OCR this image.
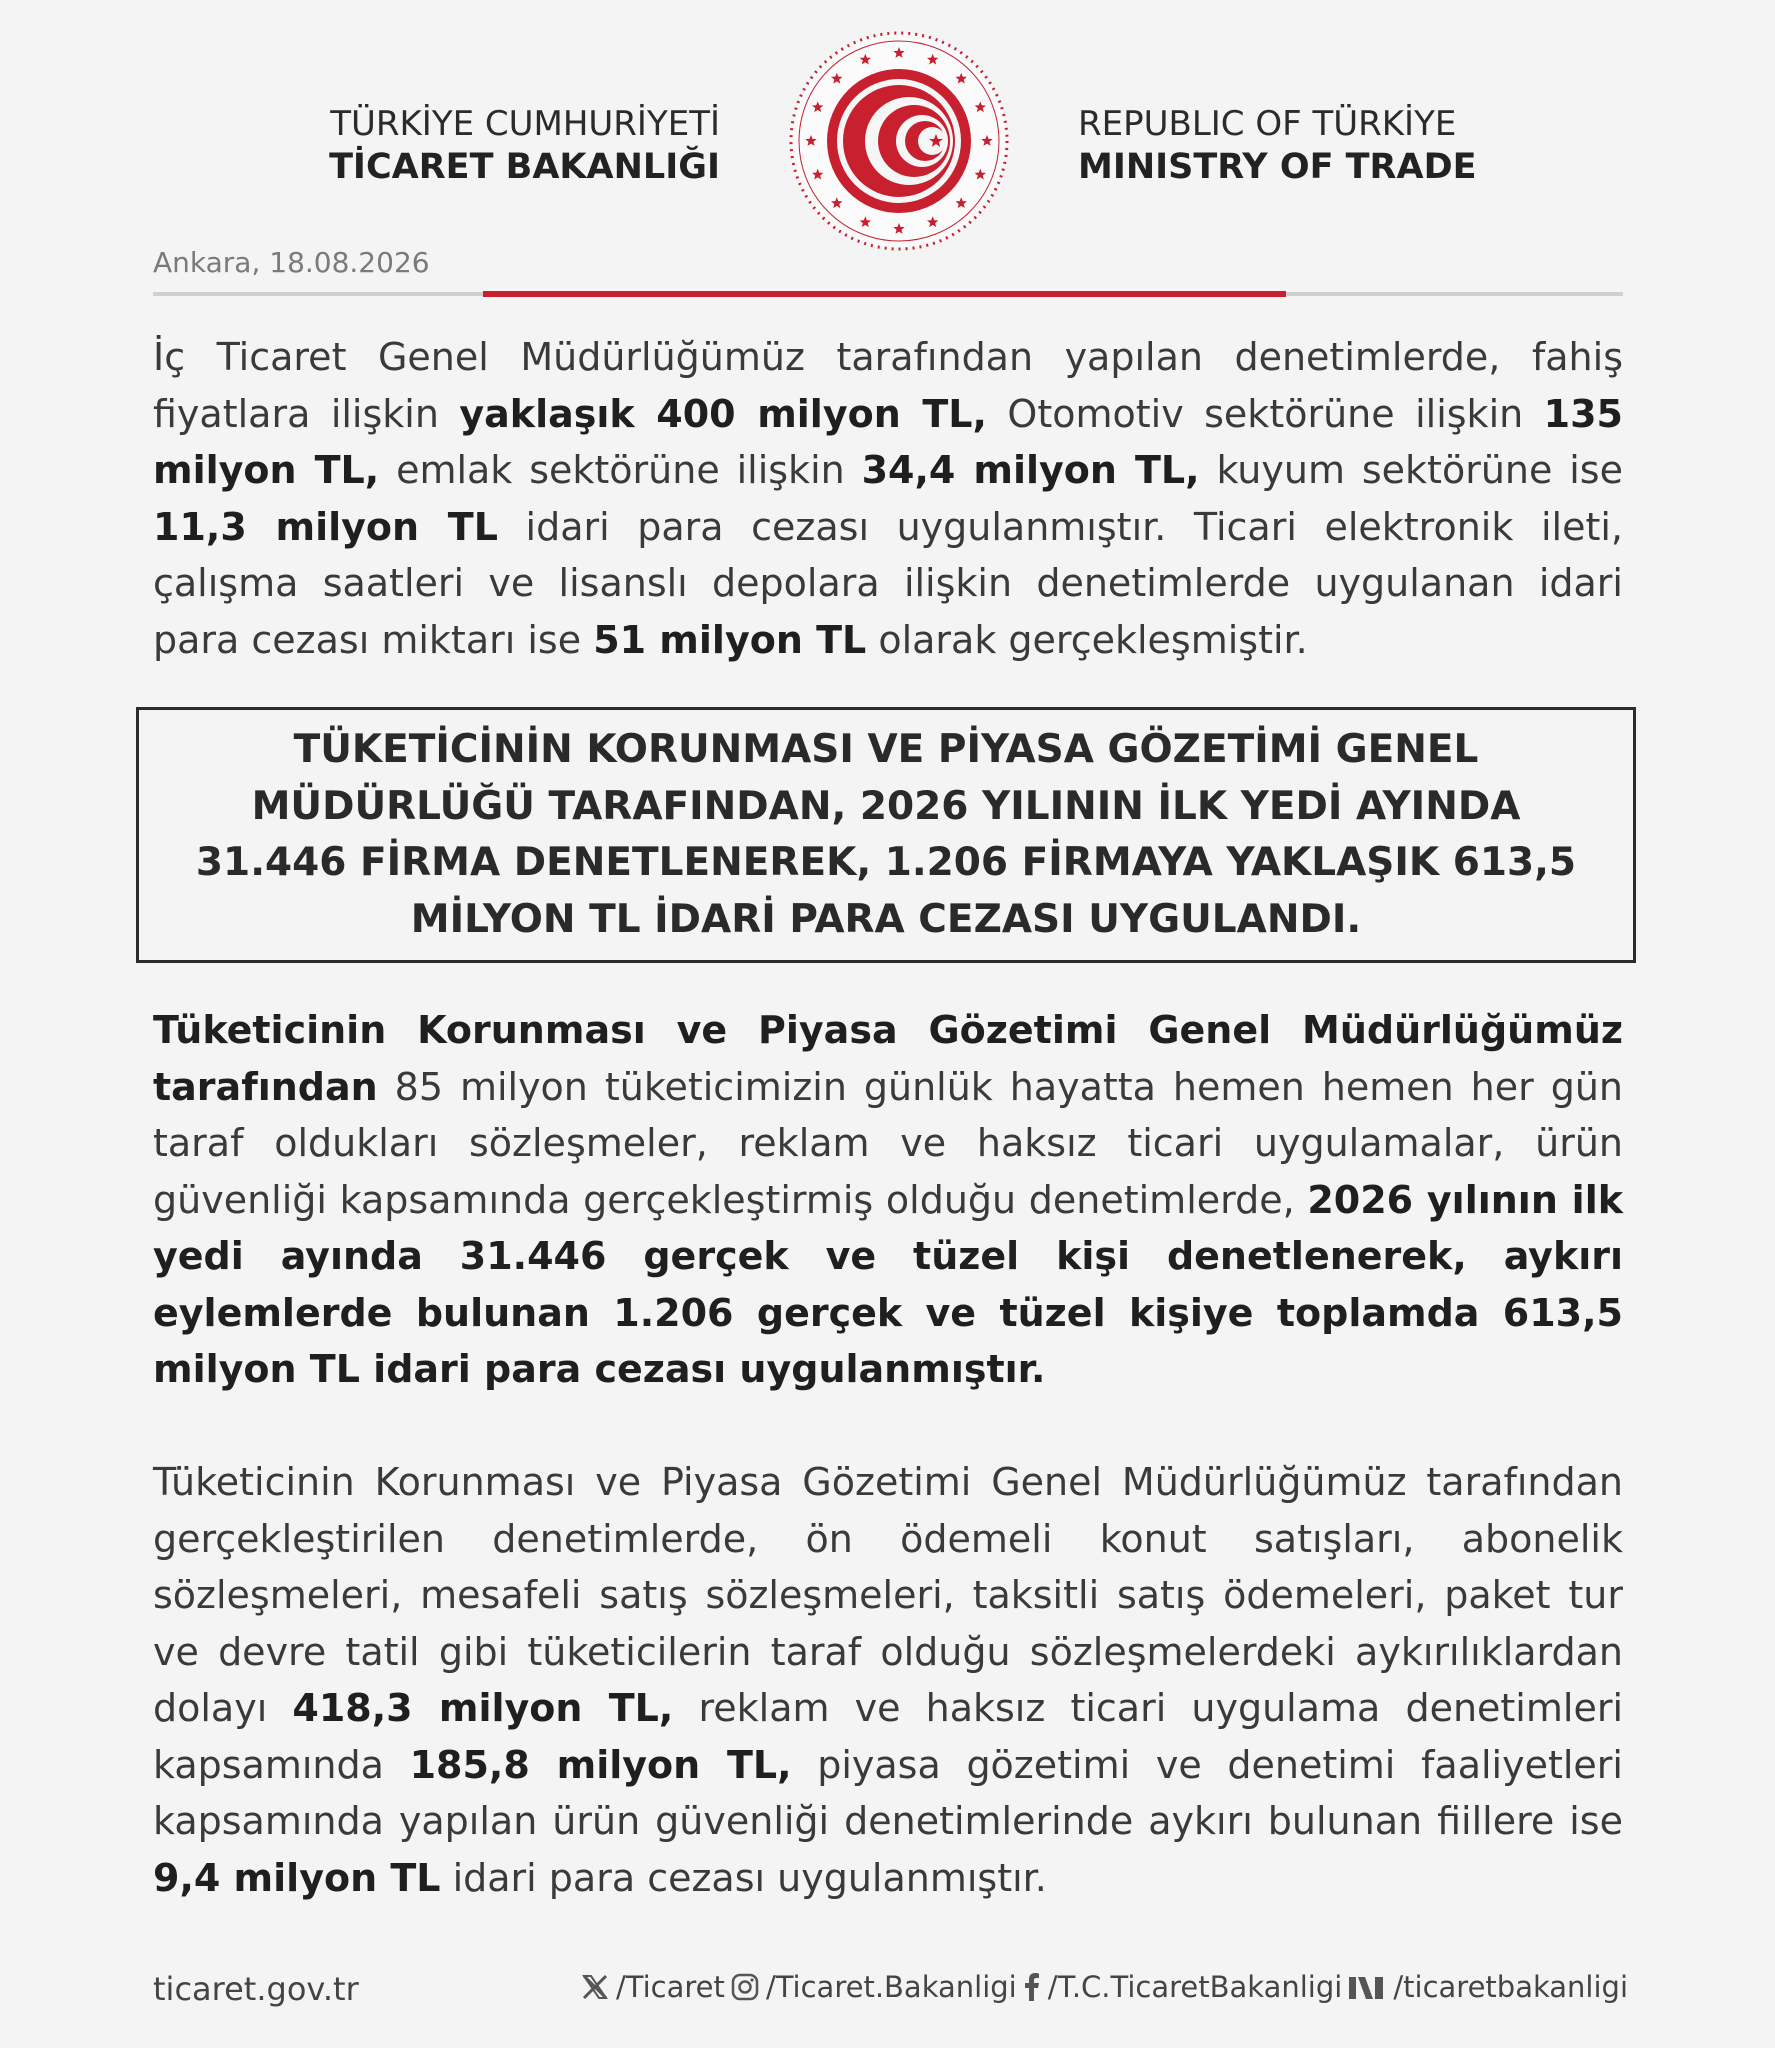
TÜRKİYE CUMHURİYETİ
TİCARET BAKANLIĞI
REPUBLIC OF TÜRKİYE
MINISTRY OF TRADE
Ankara, 18.08.2026
İç Ticaret Genel Müdürlüğümüz tarafından yapılan denetimlerde, fahiş fiyatlara ilişkin yaklaşık 400 milyon TL, Otomotiv sektörüne ilişkin 135 milyon TL, emlak sektörüne ilişkin 34,4 milyon TL, kuyum sektörüne ise 11,3 milyon TL idari para cezası uygulanmıştır. Ticari elektronik ileti, çalışma saatleri ve lisanslı depolara ilişkin denetimlerde uygulanan idari para cezası miktarı ise 51 milyon TL olarak gerçekleşmiştir.
TÜKETİCİNİN KORUNMASI VE PİYASA GÖZETİMİ GENEL MÜDÜRLÜĞÜ TARAFINDAN, 2026 YILININ İLK YEDİ AYINDA 31.446 FİRMA DENETLENEREK, 1.206 FİRMAYA YAKLAŞIK 613,5 MİLYON TL İDARİ PARA CEZASI UYGULANDI.
Tüketicinin Korunması ve Piyasa Gözetimi Genel Müdürlüğümüz tarafından 85 milyon tüketicimizin günlük hayatta hemen hemen her gün taraf oldukları sözleşmeler, reklam ve haksız ticari uygulamalar, ürün güvenliği kapsamında gerçekleştirmiş olduğu denetimlerde, 2026 yılının ilk yedi ayında 31.446 gerçek ve tüzel kişi denetlenerek, aykırı eylemlerde bulunan 1.206 gerçek ve tüzel kişiye toplamda 613,5 milyon TL idari para cezası uygulanmıştır.
Tüketicinin Korunması ve Piyasa Gözetimi Genel Müdürlüğümüz tarafından gerçekleştirilen denetimlerde, ön ödemeli konut satışları, abonelik sözleşmeleri, mesafeli satış sözleşmeleri, taksitli satış ödemeleri, paket tur ve devre tatil gibi tüketicilerin taraf olduğu sözleşmelerdeki aykırılıklardan dolayı 418,3 milyon TL, reklam ve haksız ticari uygulama denetimleri kapsamında 185,8 milyon TL, piyasa gözetimi ve denetimi faaliyetleri kapsamında yapılan ürün güvenliği denetimlerinde aykırı bulunan fiillere ise 9,4 milyon TL idari para cezası uygulanmıştır.
ticaret.gov.tr	/Ticaret /Ticaret.Bakanligi /T.C.TicaretBakanligi /ticaretbakanligi
